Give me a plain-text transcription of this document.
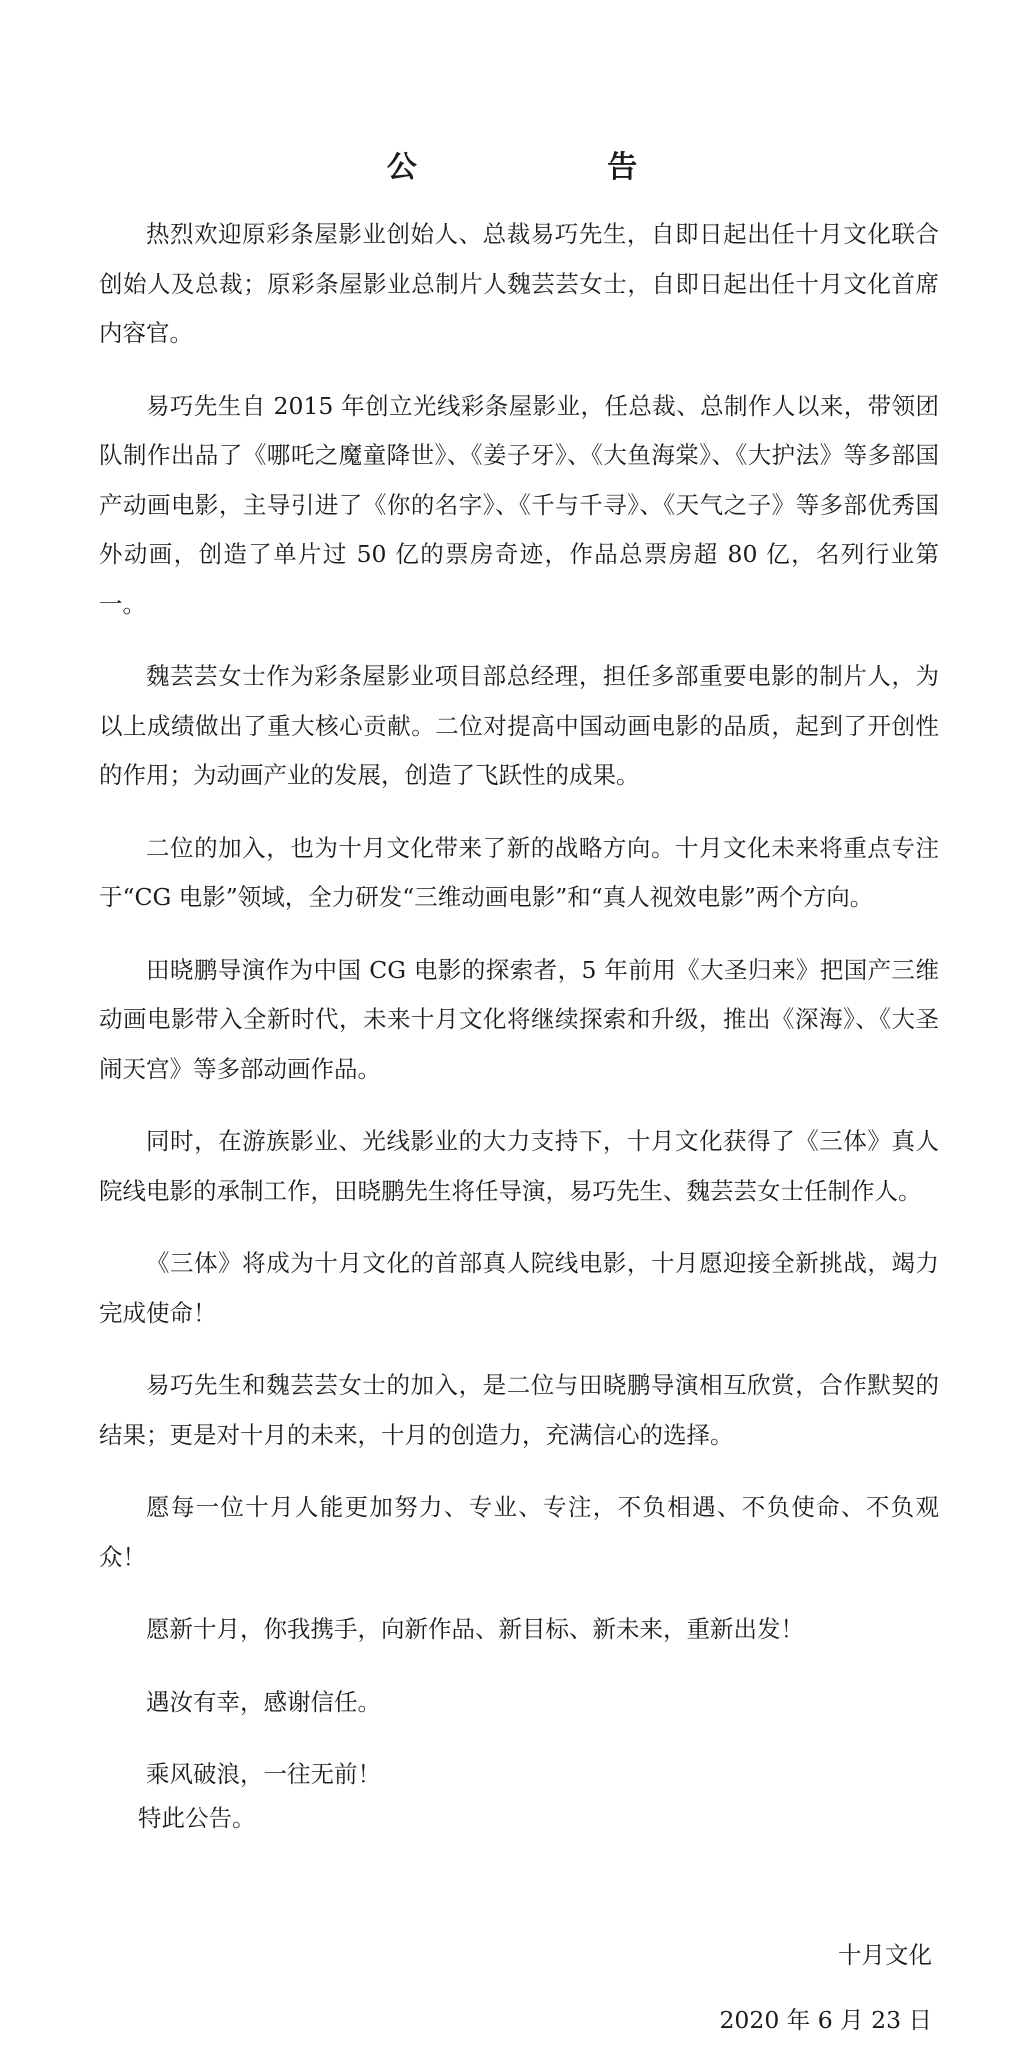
公 告

热烈欢迎原彩条屋影业创始人、总裁易巧先生，自即日起出任十月文化联合创始人及总裁；原彩条屋影业总制片人魏芸芸女士，自即日起出任十月文化首席内容官。

易巧先生自 2015 年创立光线彩条屋影业，任总裁、总制作人以来，带领团队制作出品了《哪吒之魔童降世》、《姜子牙》、《大鱼海棠》、《大护法》等多部国产动画电影，主导引进了《你的名字》、《千与千寻》、《天气之子》等多部优秀国外动画，创造了单片过 50 亿的票房奇迹，作品总票房超 80 亿，名列行业第一。

魏芸芸女士作为彩条屋影业项目部总经理，担任多部重要电影的制片人，为以上成绩做出了重大核心贡献。二位对提高中国动画电影的品质，起到了开创性的作用；为动画产业的发展，创造了飞跃性的成果。

二位的加入，也为十月文化带来了新的战略方向。十月文化未来将重点专注于“CG 电影”领域，全力研发“三维动画电影”和“真人视效电影”两个方向。

田晓鹏导演作为中国 CG 电影的探索者，5 年前用《大圣归来》把国产三维动画电影带入全新时代，未来十月文化将继续探索和升级，推出《深海》、《大圣闹天宫》等多部动画作品。

同时，在游族影业、光线影业的大力支持下，十月文化获得了《三体》真人院线电影的承制工作，田晓鹏先生将任导演，易巧先生、魏芸芸女士任制作人。

《三体》将成为十月文化的首部真人院线电影，十月愿迎接全新挑战，竭力完成使命！

易巧先生和魏芸芸女士的加入，是二位与田晓鹏导演相互欣赏，合作默契的结果；更是对十月的未来，十月的创造力，充满信心的选择。

愿每一位十月人能更加努力、专业、专注，不负相遇、不负使命、不负观众！

愿新十月，你我携手，向新作品、新目标、新未来，重新出发！

遇汝有幸，感谢信任。

乘风破浪，一往无前！

特此公告。
十月文化
2020 年 6 月 23 日
